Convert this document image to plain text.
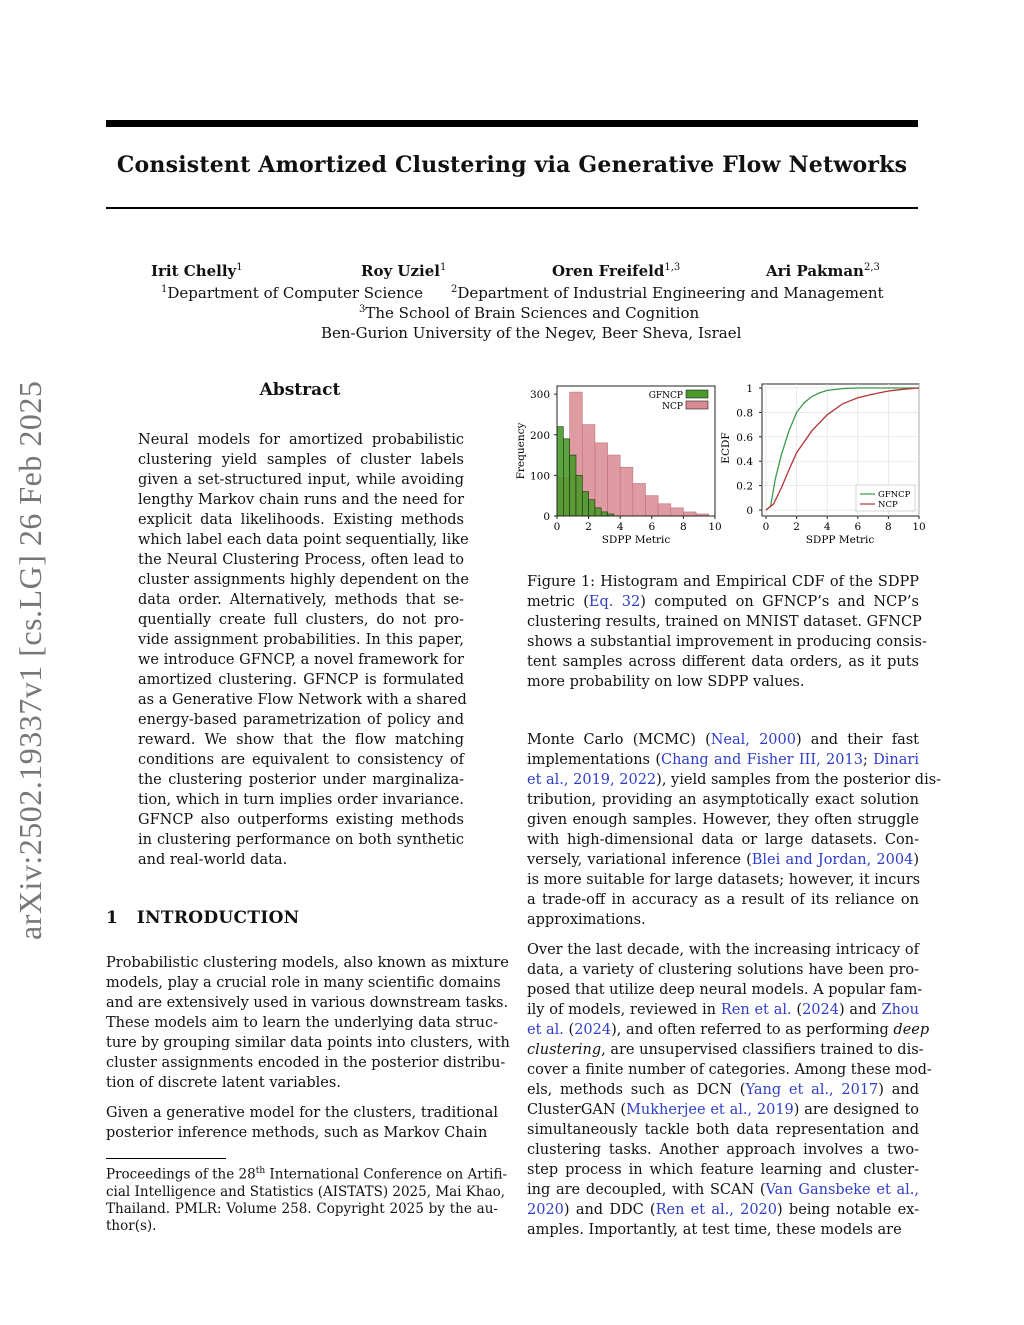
arXiv:2502.19337v1 [cs.LG] 26 Feb 2025
Consistent Amortized Clustering via Generative Flow Networks
Irit Chelly$^1$	Roy Uziel$^1$	Oren Freifeld$^{1,3}$	Ari Pakman$^{2,3}$
$^1$Department of Computer Science	$^2$Department of Industrial Engineering and Management
$^3$The School of Brain Sciences and Cognition
Ben-Gurion University of the Negev, Beer Sheva, Israel
Abstract
Neural models for amortized probabilistic
clustering yield samples of cluster labels
given a set-structured input, while avoiding
lengthy Markov chain runs and the need for
explicit data likelihoods. Existing methods
which label each data point sequentially, like
the Neural Clustering Process, often lead to
cluster assignments highly dependent on the
data order. Alternatively, methods that se-
quentially create full clusters, do not pro-
vide assignment probabilities. In this paper,
we introduce GFNCP, a novel framework for
amortized clustering. GFNCP is formulated
as a Generative Flow Network with a shared
energy-based parametrization of policy and
reward. We show that the flow matching
conditions are equivalent to consistency of
the clustering posterior under marginaliza-
tion, which in turn implies order invariance.
GFNCP also outperforms existing methods
in clustering performance on both synthetic
and real-world data.
1 INTRODUCTION
Probabilistic clustering models, also known as mixture
models, play a crucial role in many scientific domains
and are extensively used in various downstream tasks.
These models aim to learn the underlying data struc-
ture by grouping similar data points into clusters, with
cluster assignments encoded in the posterior distribu-
tion of discrete latent variables.
Given a generative model for the clusters, traditional
posterior inference methods, such as Markov Chain
Proceedings of the 28th International Conference on Artifi-
cial Intelligence and Statistics (AISTATS) 2025, Mai Khao,
Thailand. PMLR: Volume 258. Copyright 2025 by the au-
thor(s).
0 2 4 6 8 10
0
100
200
300
SDPP Metric
Frequency
GFNCP
NCP
0 2 4 6 8 10
0
0.2
0.4
0.6
0.8
1
SDPP Metric
ECDF
GFNCP
NCP
Figure 1: Histogram and Empirical CDF of the SDPP
metric (Eq. 32) computed on GFNCP’s and NCP’s
clustering results, trained on MNIST dataset. GFNCP
shows a substantial improvement in producing consis-
tent samples across different data orders, as it puts
more probability on low SDPP values.
Monte Carlo (MCMC) (Neal, 2000) and their fast
implementations (Chang and Fisher III, 2013; Dinari
et al., 2019, 2022), yield samples from the posterior dis-
tribution, providing an asymptotically exact solution
given enough samples. However, they often struggle
with high-dimensional data or large datasets. Con-
versely, variational inference (Blei and Jordan, 2004)
is more suitable for large datasets; however, it incurs
a trade-off in accuracy as a result of its reliance on
approximations.
Over the last decade, with the increasing intricacy of
data, a variety of clustering solutions have been pro-
posed that utilize deep neural models. A popular fam-
ily of models, reviewed in Ren et al. (2024) and Zhou
et al. (2024), and often referred to as performing deep
clustering, are unsupervised classifiers trained to dis-
cover a finite number of categories. Among these mod-
els, methods such as DCN (Yang et al., 2017) and
ClusterGAN (Mukherjee et al., 2019) are designed to
simultaneously tackle both data representation and
clustering tasks. Another approach involves a two-
step process in which feature learning and cluster-
ing are decoupled, with SCAN (Van Gansbeke et al.,
2020) and DDC (Ren et al., 2020) being notable ex-
amples. Importantly, at test time, these models are
